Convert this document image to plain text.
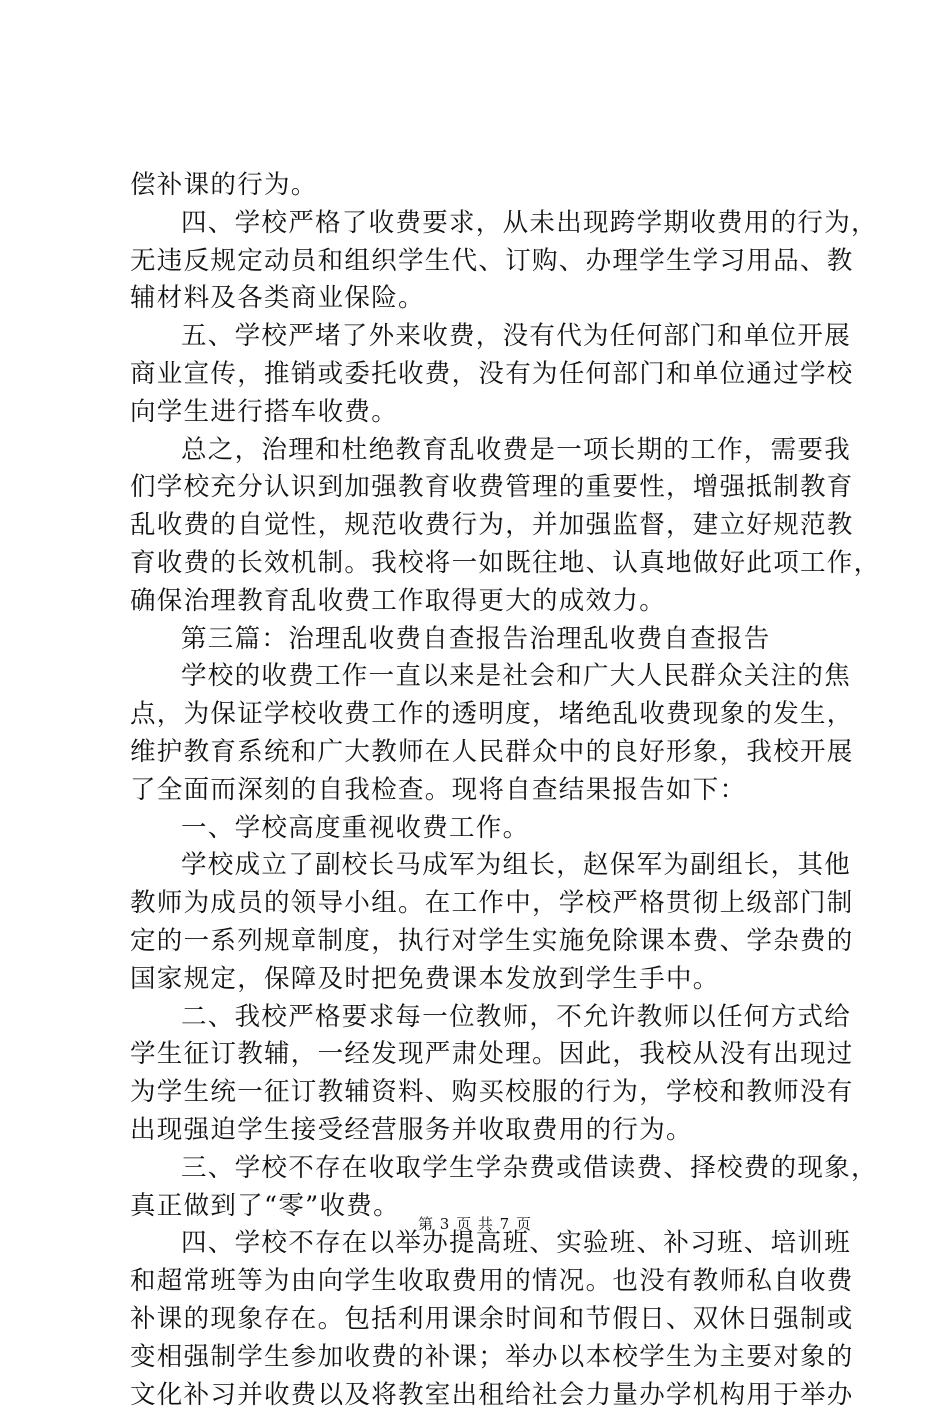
偿补课的行为。
四、学校严格了收费要求，从未出现跨学期收费用的行为，
无违反规定动员和组织学生代、订购、办理学生学习用品、教
辅材料及各类商业保险。
五、学校严堵了外来收费，没有代为任何部门和单位开展
商业宣传，推销或委托收费，没有为任何部门和单位通过学校
向学生进行搭车收费。
总之，治理和杜绝教育乱收费是一项长期的工作，需要我
们学校充分认识到加强教育收费管理的重要性，增强抵制教育
乱收费的自觉性，规范收费行为，并加强监督，建立好规范教
育收费的长效机制。我校将一如既往地、认真地做好此项工作，
确保治理教育乱收费工作取得更大的成效力。
第三篇：治理乱收费自查报告治理乱收费自查报告
学校的收费工作一直以来是社会和广大人民群众关注的焦
点，为保证学校收费工作的透明度，堵绝乱收费现象的发生，
维护教育系统和广大教师在人民群众中的良好形象，我校开展
了全面而深刻的自我检查。现将自查结果报告如下：
一、学校高度重视收费工作。
学校成立了副校长马成军为组长，赵保军为副组长，其他
教师为成员的领导小组。在工作中，学校严格贯彻上级部门制
定的一系列规章制度，执行对学生实施免除课本费、学杂费的
国家规定，保障及时把免费课本发放到学生手中。
二、我校严格要求每一位教师，不允许教师以任何方式给
学生征订教辅，一经发现严肃处理。因此，我校从没有出现过
为学生统一征订教辅资料、购买校服的行为，学校和教师没有
出现强迫学生接受经营服务并收取费用的行为。
三、学校不存在收取学生学杂费或借读费、择校费的现象，
真正做到了“零”收费。
四、学校不存在以举办提高班、实验班、补习班、培训班
和超常班等为由向学生收取费用的情况。也没有教师私自收费
补课的现象存在。包括利用课余时间和节假日、双休日强制或
变相强制学生参加收费的补课；举办以本校学生为主要对象的
文化补习并收费以及将教室出租给社会力量办学机构用于举办
第 3 页 共 7 页
